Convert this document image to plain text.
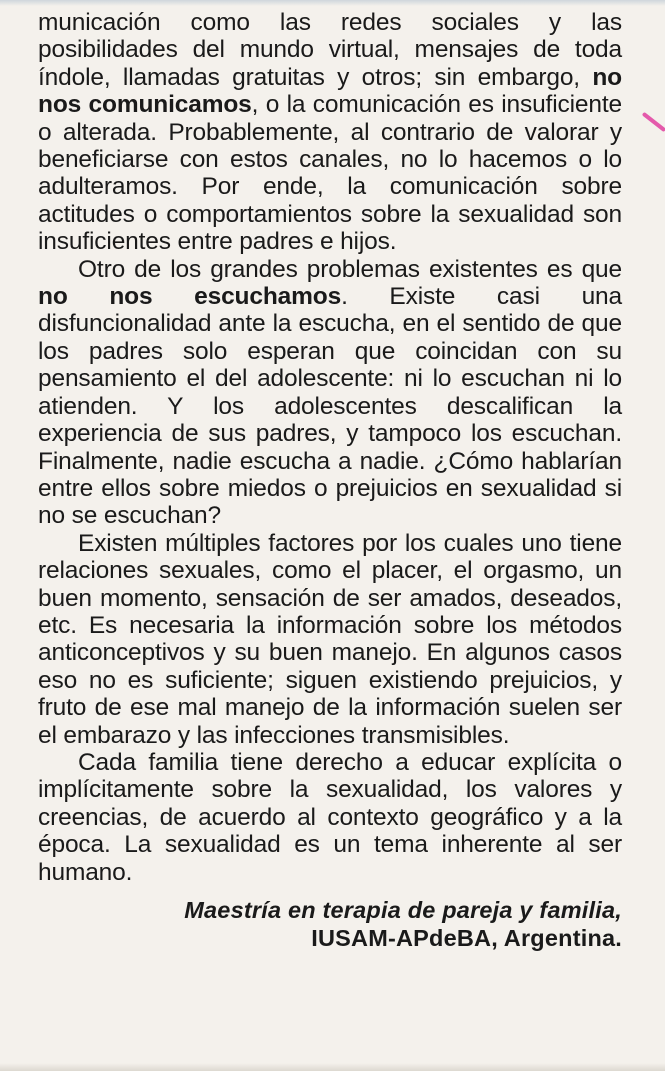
municación como las redes sociales y las posibilidades del mundo virtual, mensajes de toda índole, llamadas gratuitas y otros; sin embargo, no nos comunicamos, o la comunicación es insuficiente o alterada. Probablemente, al contrario de valorar y beneficiarse con estos canales, no lo hacemos o lo adulteramos. Por ende, la comunicación sobre actitudes o comportamientos sobre la sexualidad son insuficientes entre padres e hijos.

Otro de los grandes problemas existentes es que no nos escuchamos. Existe casi una disfuncionalidad ante la escucha, en el sentido de que los padres solo esperan que coincidan con su pensamiento el del adolescente: ni lo escuchan ni lo atienden. Y los adolescentes descalifican la experiencia de sus padres, y tampoco los escuchan. Finalmente, nadie escucha a nadie. ¿Cómo hablarían entre ellos sobre miedos o prejuicios en sexualidad si no se escuchan?

Existen múltiples factores por los cuales uno tiene relaciones sexuales, como el placer, el orgasmo, un buen momento, sensación de ser amados, deseados, etc. Es necesaria la información sobre los métodos anticonceptivos y su buen manejo. En algunos casos eso no es suficiente; siguen existiendo prejuicios, y fruto de ese mal manejo de la información suelen ser el embarazo y las infecciones transmisibles.

Cada familia tiene derecho a educar explícita o implícitamente sobre la sexualidad, los valores y creencias, de acuerdo al contexto geográfico y a la época. La sexualidad es un tema inherente al ser humano.

Maestría en terapia de pareja y familia,
IUSAM-APdeBA, Argentina.
